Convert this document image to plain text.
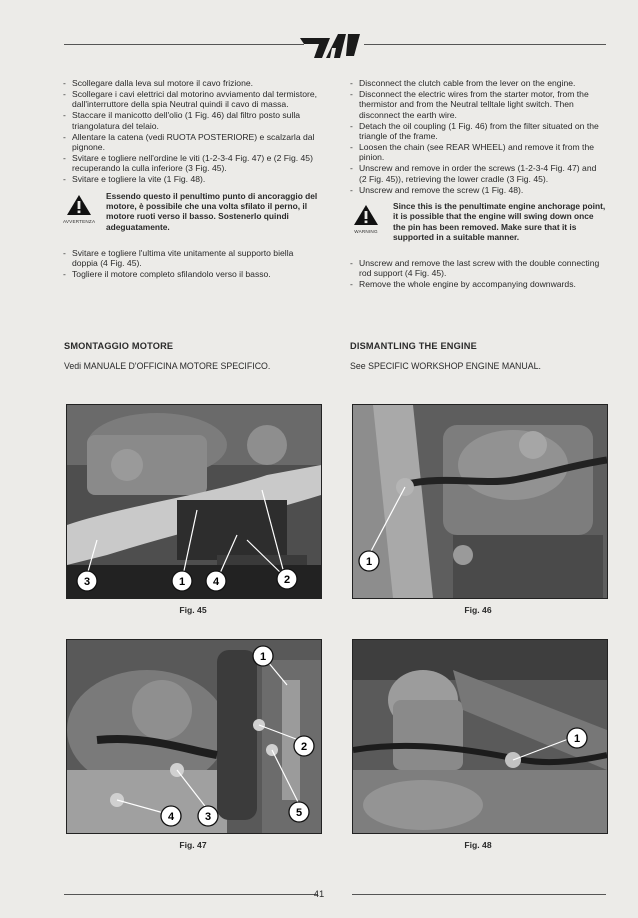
- Scollegare dalla leva sul motore il cavo frizione.
- Scollegare i cavi elettrici dal motorino avviamento dal termistore, dall'interruttore della spia Neutral quindi il cavo di massa.
- Staccare il manicotto dell'olio (1 Fig. 46) dal filtro posto sulla triangolatura del telaio.
- Allentare la catena (vedi RUOTA POSTERIORE) e scalzarla dal pignone.
- Svitare e togliere nell'ordine le viti (1-2-3-4 Fig. 47) e (2 Fig. 45) recuperando la culla inferiore (3 Fig. 45).
- Svitare e togliere la vite (1 Fig. 48).
AVVERTENZA
Essendo questo il penultimo punto di ancoraggio del motore, è possibile che una volta sfilato il perno, il motore ruoti verso il basso. Sostenerlo quindi adeguatamente.
- Svitare e togliere l'ultima vite unitamente al supporto biella doppia (4 Fig. 45).
- Togliere il motore completo sfilandolo verso il basso.
SMONTAGGIO MOTORE
Vedi MANUALE D'OFFICINA MOTORE SPECIFICO.
- Disconnect the clutch cable from the lever on the engine.
- Disconnect the electric wires from the starter motor, from the thermistor and from the Neutral telltale light switch. Then disconnect the earth wire.
- Detach the oil coupling (1 Fig. 46) from the filter situated on the triangle of the frame.
- Loosen the chain (see REAR WHEEL) and remove it from the pinion.
- Unscrew and remove in order the screws (1-2-3-4 Fig. 47) and (2 Fig. 45)), retrieving the lower cradle (3 Fig. 45).
- Unscrew and remove the screw (1 Fig. 48).
WARNING
Since this is the penultimate engine anchorage point, it is possible that the engine will swing down once the pin has been removed. Make sure that it is supported in a suitable manner.
- Unscrew and remove the last screw with the double connecting rod support (4 Fig. 45).
- Remove the whole engine by accompanying downwards.
DISMANTLING THE ENGINE
See SPECIFIC WORKSHOP ENGINE MANUAL.
3	1	4	2
Fig. 45
1
Fig. 46
1
2
4	3	5
Fig. 47
1
Fig. 48
41
